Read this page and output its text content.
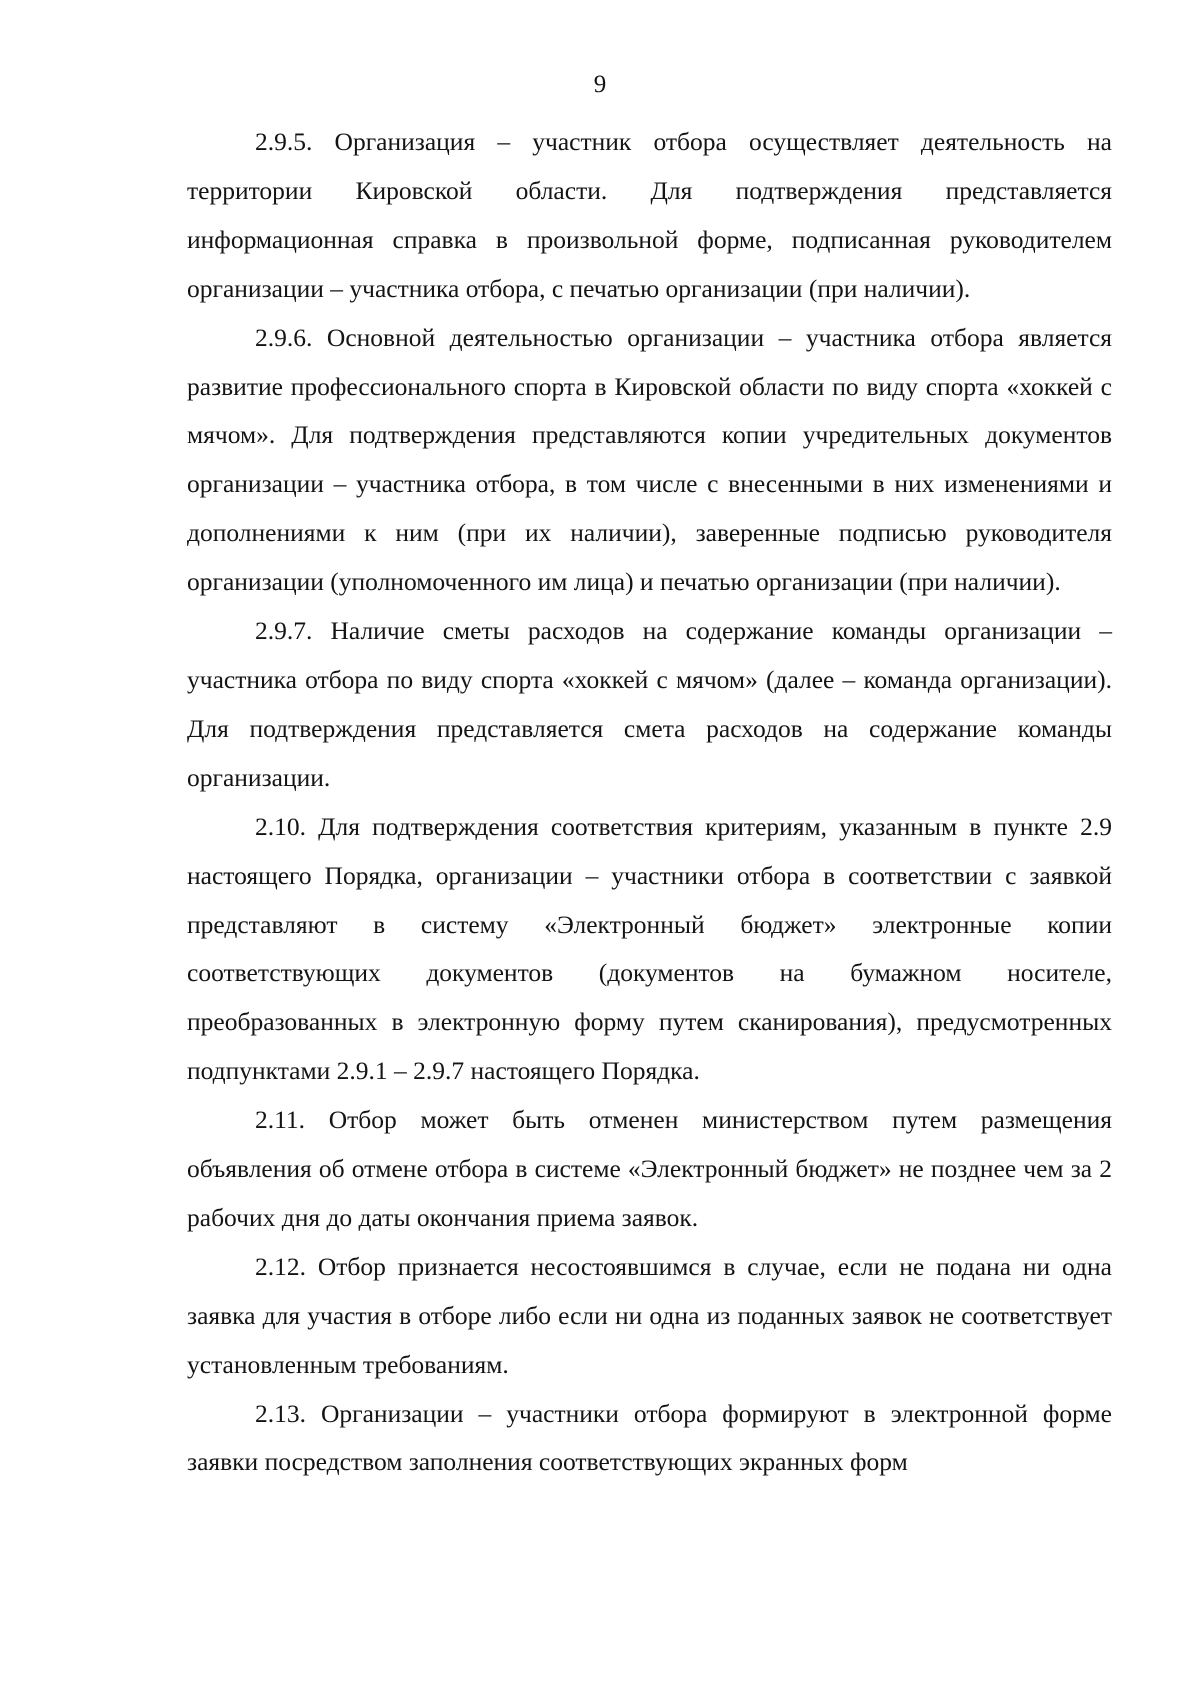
9

2.9.5. Организация – участник отбора осуществляет деятельность на территории Кировской области. Для подтверждения представляется информационная справка в произвольной форме, подписанная руководителем организации – участника отбора, с печатью организации (при наличии).

2.9.6. Основной деятельностью организации – участника отбора является развитие профессионального спорта в Кировской области по виду спорта «хоккей с мячом». Для подтверждения представляются копии учредительных документов организации – участника отбора, в том числе с внесенными в них изменениями и дополнениями к ним (при их наличии), заверенные подписью руководителя организации (уполномоченного им лица) и печатью организации (при наличии).

2.9.7. Наличие сметы расходов на содержание команды организации – участника отбора по виду спорта «хоккей с мячом» (далее – команда организации). Для подтверждения представляется смета расходов на содержание команды организации.

2.10. Для подтверждения соответствия критериям, указанным в пункте 2.9 настоящего Порядка, организации – участники отбора в соответствии с заявкой представляют в систему «Электронный бюджет» электронные копии соответствующих документов (документов на бумажном носителе, преобразованных в электронную форму путем сканирования), предусмотренных подпунктами 2.9.1 – 2.9.7 настоящего Порядка.

2.11. Отбор может быть отменен министерством путем размещения объявления об отмене отбора в системе «Электронный бюджет» не позднее чем за 2 рабочих дня до даты окончания приема заявок.

2.12. Отбор признается несостоявшимся в случае, если не подана ни одна заявка для участия в отборе либо если ни одна из поданных заявок не соответствует установленным требованиям.

2.13. Организации – участники отбора формируют в электронной форме заявки посредством заполнения соответствующих экранных форм
